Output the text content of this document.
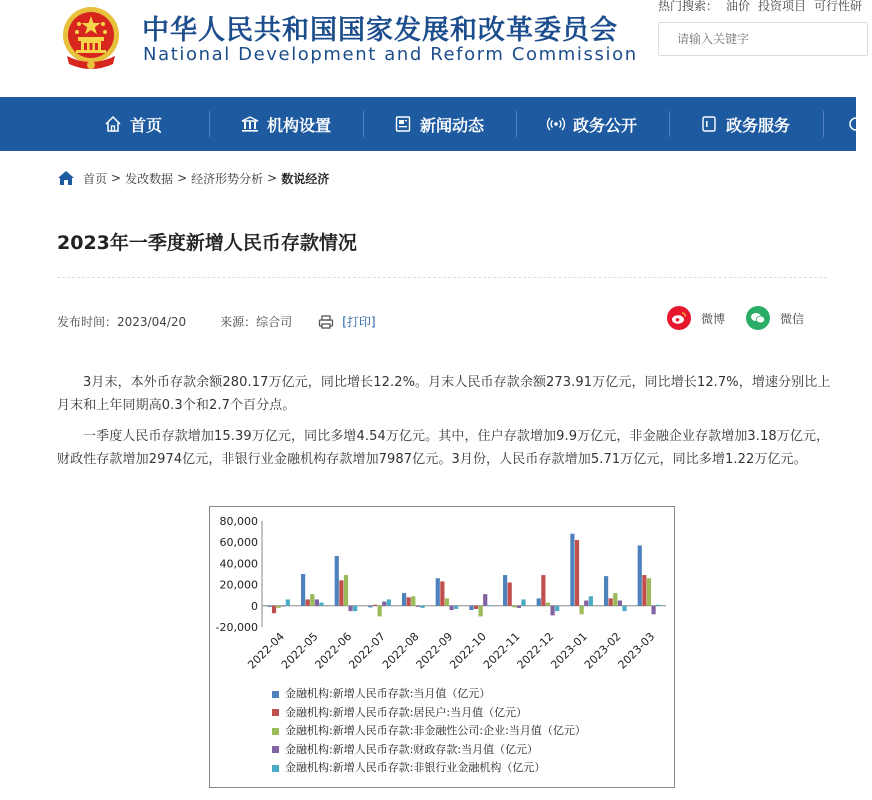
中华人民共和国国家发展和改革委员会
National Development and Reform Commission
热门搜索： 油价 投资项目 可行性研
请输入关键字
首页	机构设置	新闻动态	政务公开	政务服务
首页 > 发改数据 > 经济形势分析 > 数说经济
2023年一季度新增人民币存款情况
发布时间：2023/04/20	来源：综合司	[打印]	微博	微信

3月末，本外币存款余额280.17万亿元，同比增长12.2%。月末人民币存款余额273.91万亿元，同比增长12.7%，增速分别比上月末和上年同期高0.3个和2.7个百分点。

一季度人民币存款增加15.39万亿元，同比多增4.54万亿元。其中，住户存款增加9.9万亿元，非金融企业存款增加3.18万亿元，财政性存款增加2974亿元，非银行业金融机构存款增加7987亿元。3月份，人民币存款增加5.71万亿元，同比多增1.22万亿元。

80,000
60,000
40,000
20,000
0
-20,000
2022-04
2022-05
2022-06
2022-07
2022-08
2022-09
2022-10
2022-11
2022-12
2023-01
2023-02
2023-03
金融机构:新增人民币存款:当月值（亿元）
金融机构:新增人民币存款:居民户:当月值（亿元）
金融机构:新增人民币存款:非金融性公司:企业:当月值（亿元）
金融机构:新增人民币存款:财政存款:当月值（亿元）
金融机构:新增人民币存款:非银行业金融机构（亿元）
